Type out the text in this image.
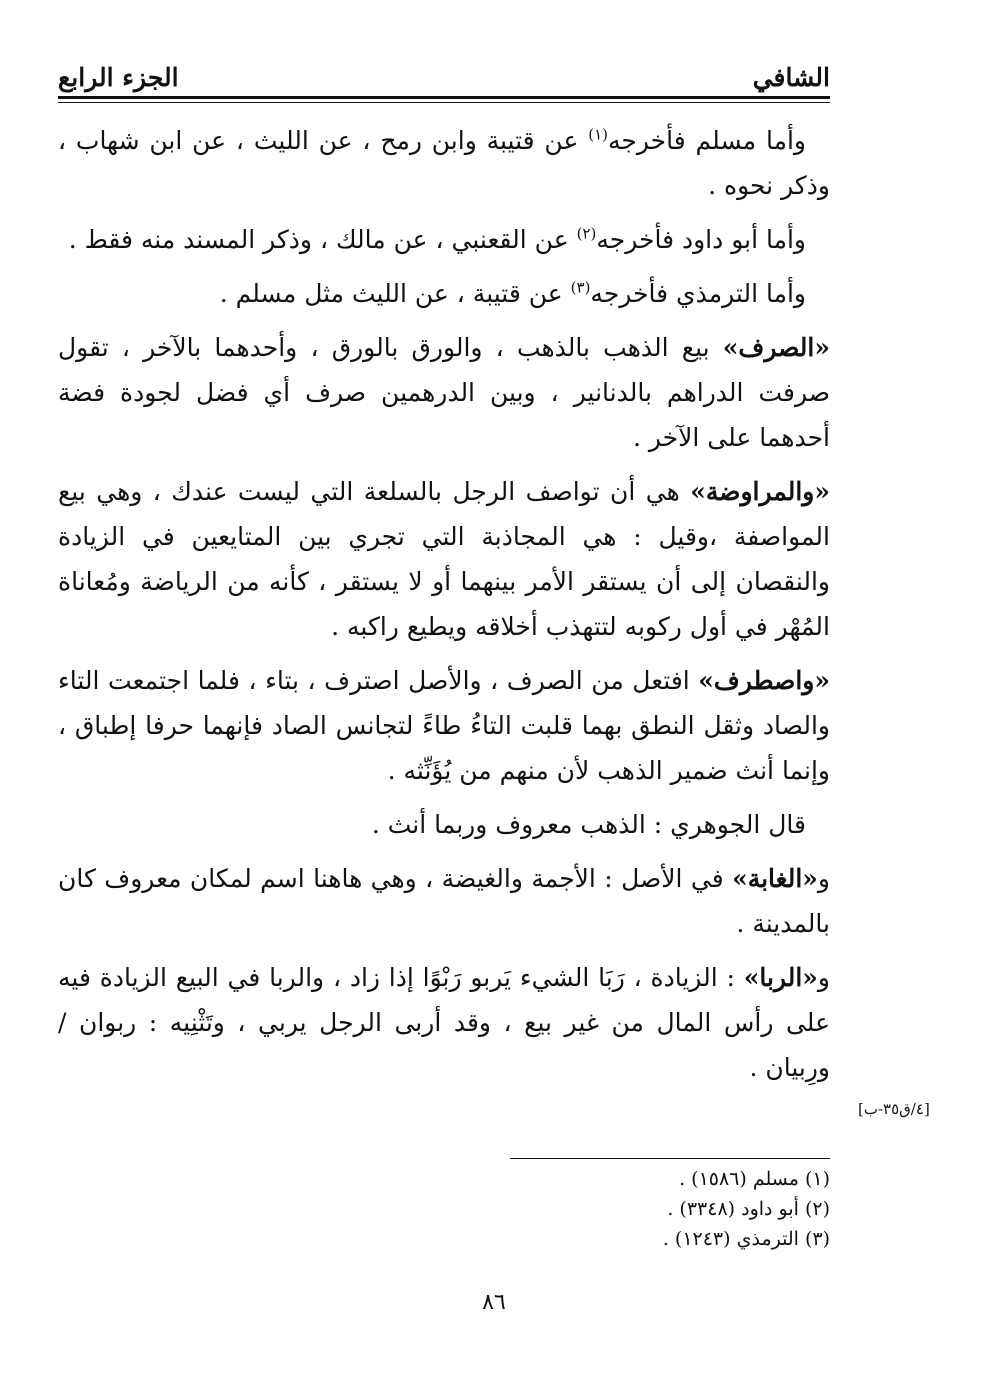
الشافي
الجزء الرابع

وأما مسلم فأخرجه$^{(١)}$ عن قتيبة وابن رمح ، عن الليث ، عن ابن شهاب ، وذكر نحوه .

وأما أبو داود فأخرجه$^{(٢)}$ عن القعنبي ، عن مالك ، وذكر المسند منه فقط .

وأما الترمذي فأخرجه$^{(٣)}$ عن قتيبة ، عن الليث مثل مسلم .

«الصرف» بيع الذهب بالذهب ، والورق بالورق ، وأحدهما بالآخر ، تقول صرفت الدراهم بالدنانير ، وبين الدرهمين صرف أي فضل لجودة فضة أحدهما على الآخر .

«والمراوضة» هي أن تواصف الرجل بالسلعة التي ليست عندك ، وهي بيع المواصفة ،وقيل : هي المجاذبة التي تجري بين المتايعين في الزيادة والنقصان إلى أن يستقر الأمر بينهما أو لا يستقر ، كأنه من الرياضة ومُعاناة المُهْر في أول ركوبه لتتهذب أخلاقه ويطيع راكبه .

«واصطرف» افتعل من الصرف ، والأصل اصترف ، بتاء ، فلما اجتمعت التاء والصاد وثقل النطق بهما قلبت التاءُ طاءً لتجانس الصاد فإنهما حرفا إطباق ، وإنما أنث ضمير الذهب لأن منهم من يُؤَنِّثه .

قال الجوهري : الذهب معروف وربما أنث .

و«الغابة» في الأصل : الأجمة والغيضة ، وهي هاهنا اسم لمكان معروف كان بالمدينة .

و«الربا» : الزيادة ، رَبَا الشيء يَربو رَبْوًا إذا زاد ، والربا في البيع الزيادة فيه على رأس المال من غير بيع ، وقد أربى الرجل يربي ، وتَثْنِيه : ربوان / ورِبيان .

[٤/ق٣٥-ب]
(١) مسلم (١٥٨٦) .
(٢) أبو داود (٣٣٤٨) .
(٣) الترمذي (١٢٤٣) .
٨٦
